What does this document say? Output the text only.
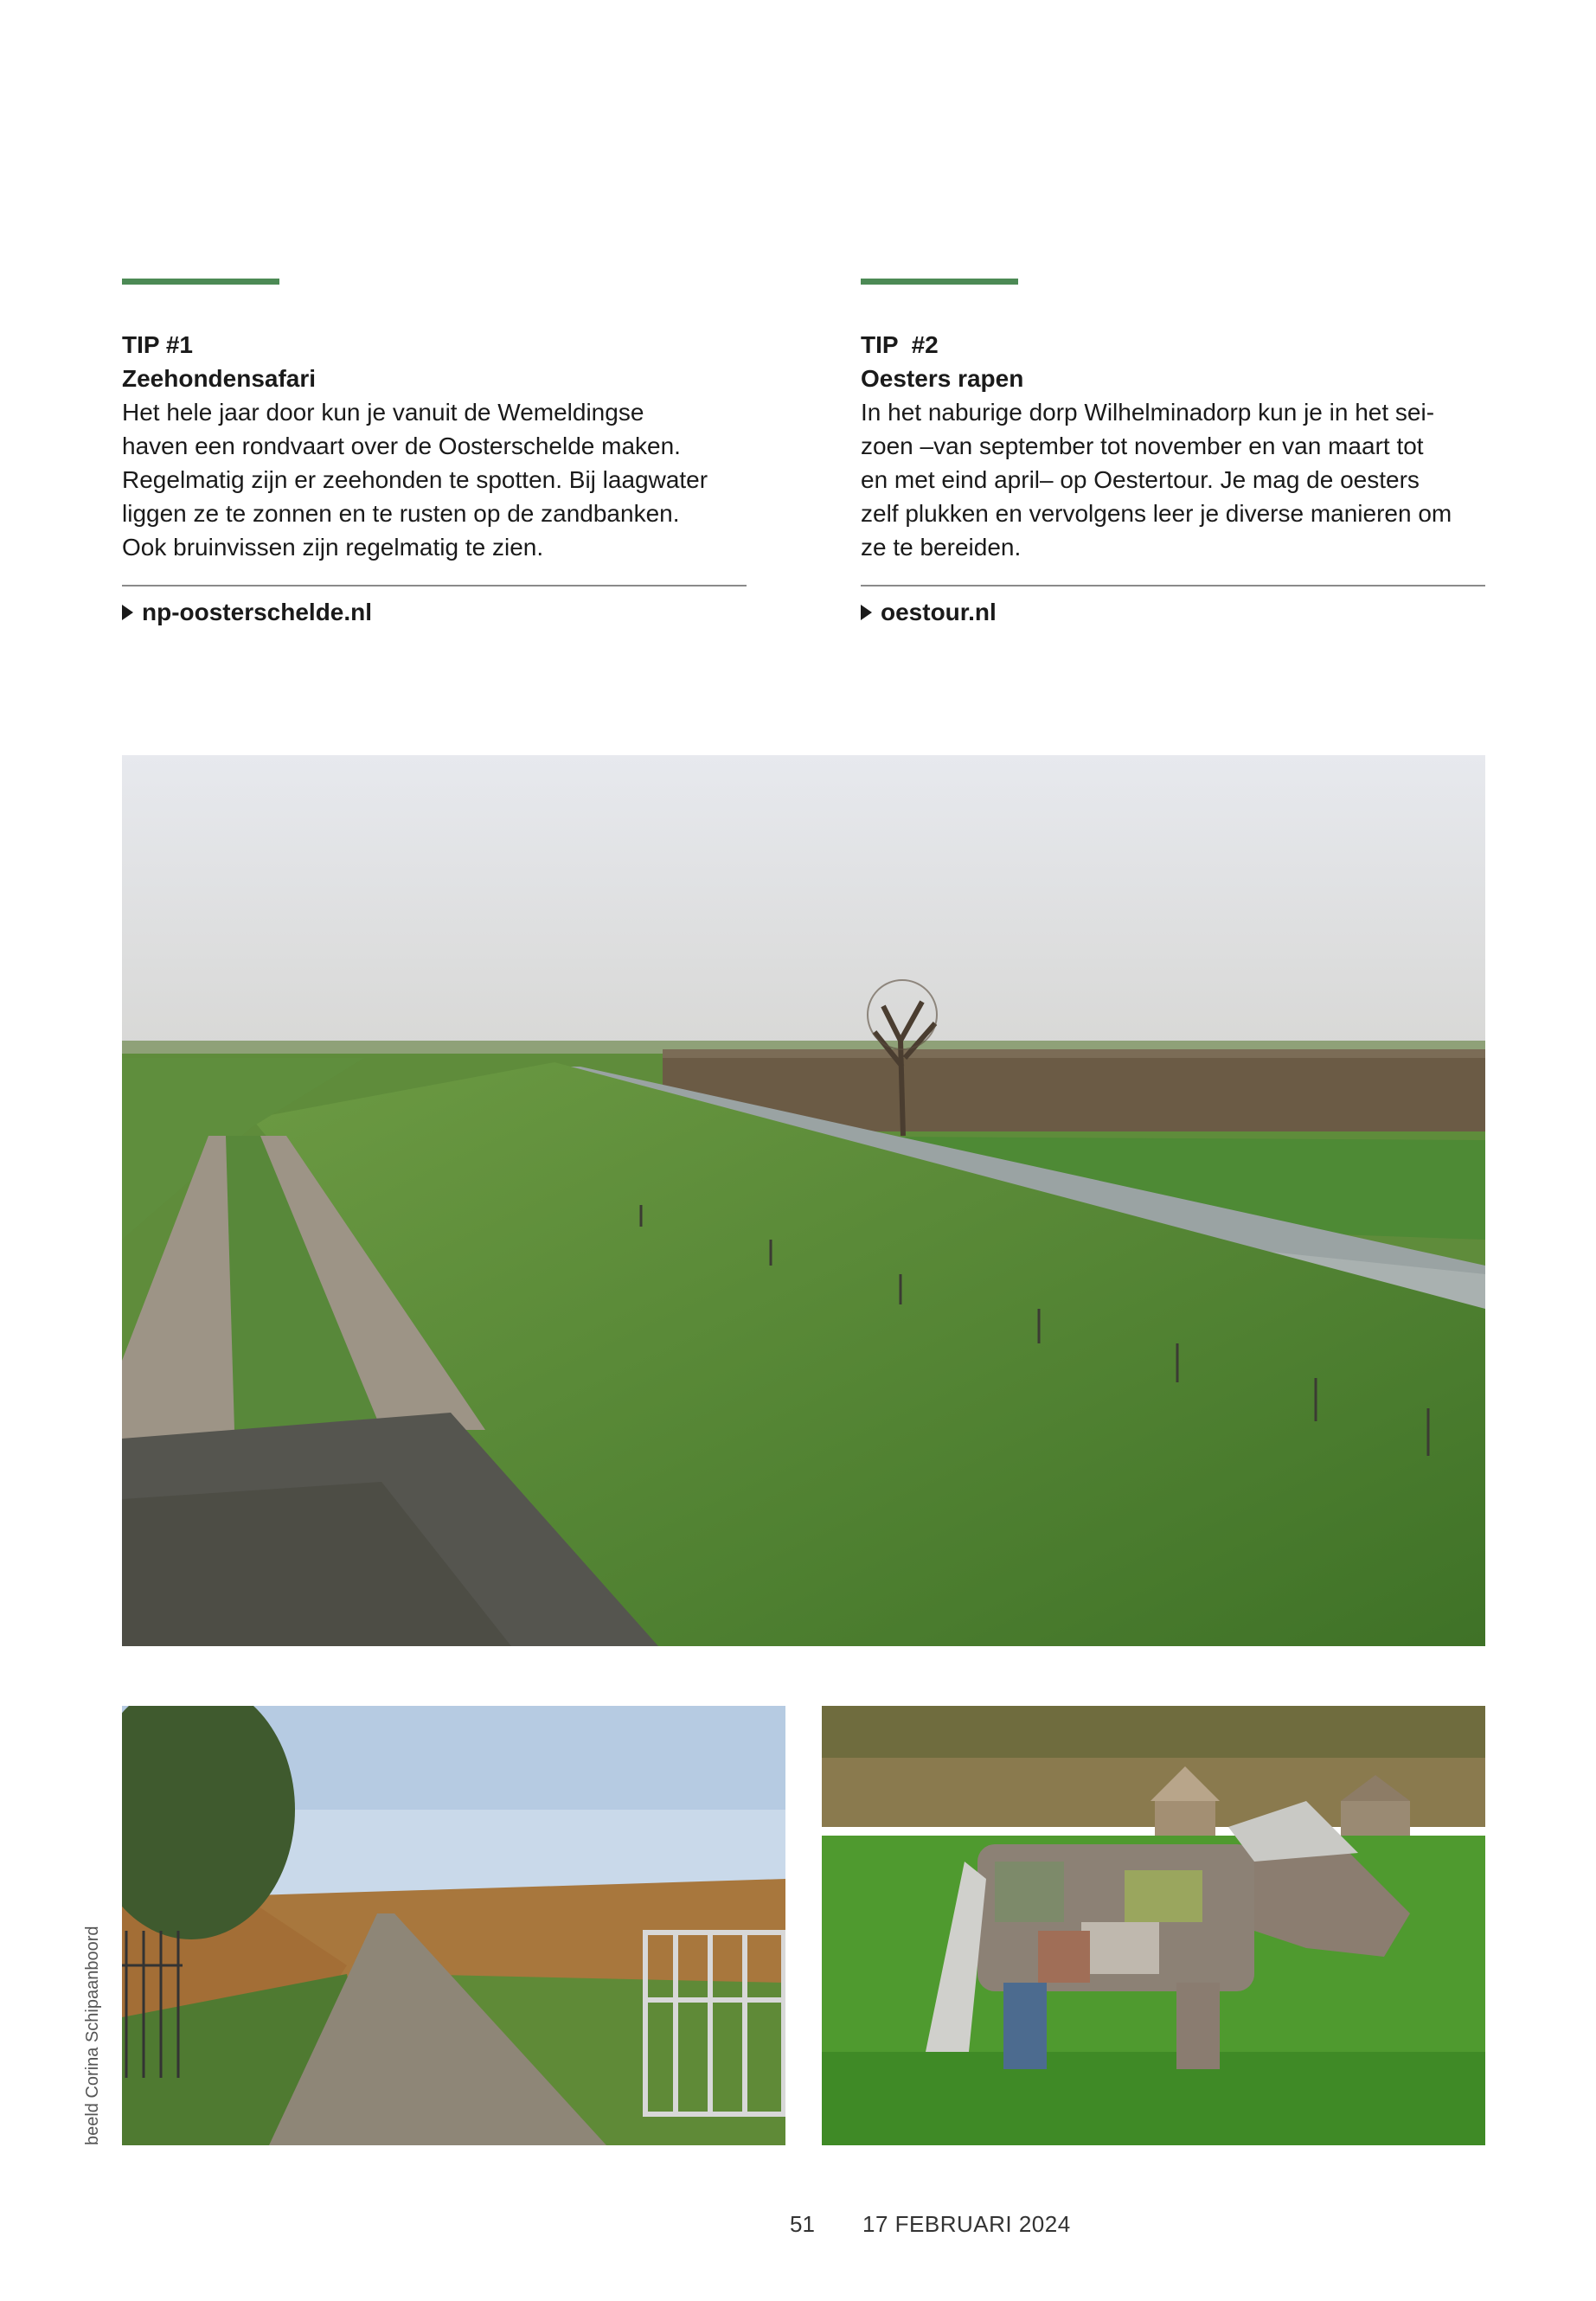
TIP #1
Zeehondensafari
Het hele jaar door kun je vanuit de Wemeldingse
haven een rondvaart over de Oosterschelde maken.
Regelmatig zijn er zeehonden te spotten. Bij laagwater
liggen ze te zonnen en te rusten op de zandbanken.
Ook bruinvissen zijn regelmatig te zien.
np-oosterschelde.nl
TIP  #2
Oesters rapen
In het naburige dorp Wilhelminadorp kun je in het sei-
zoen –van september tot november en van maart tot
en met eind april– op Oestertour. Je mag de oesters
zelf plukken en vervolgens leer je diverse manieren om
ze te bereiden.
oestour.nl
beeld Corina Schipaanboord
51 17 FEBRUARI 2024
